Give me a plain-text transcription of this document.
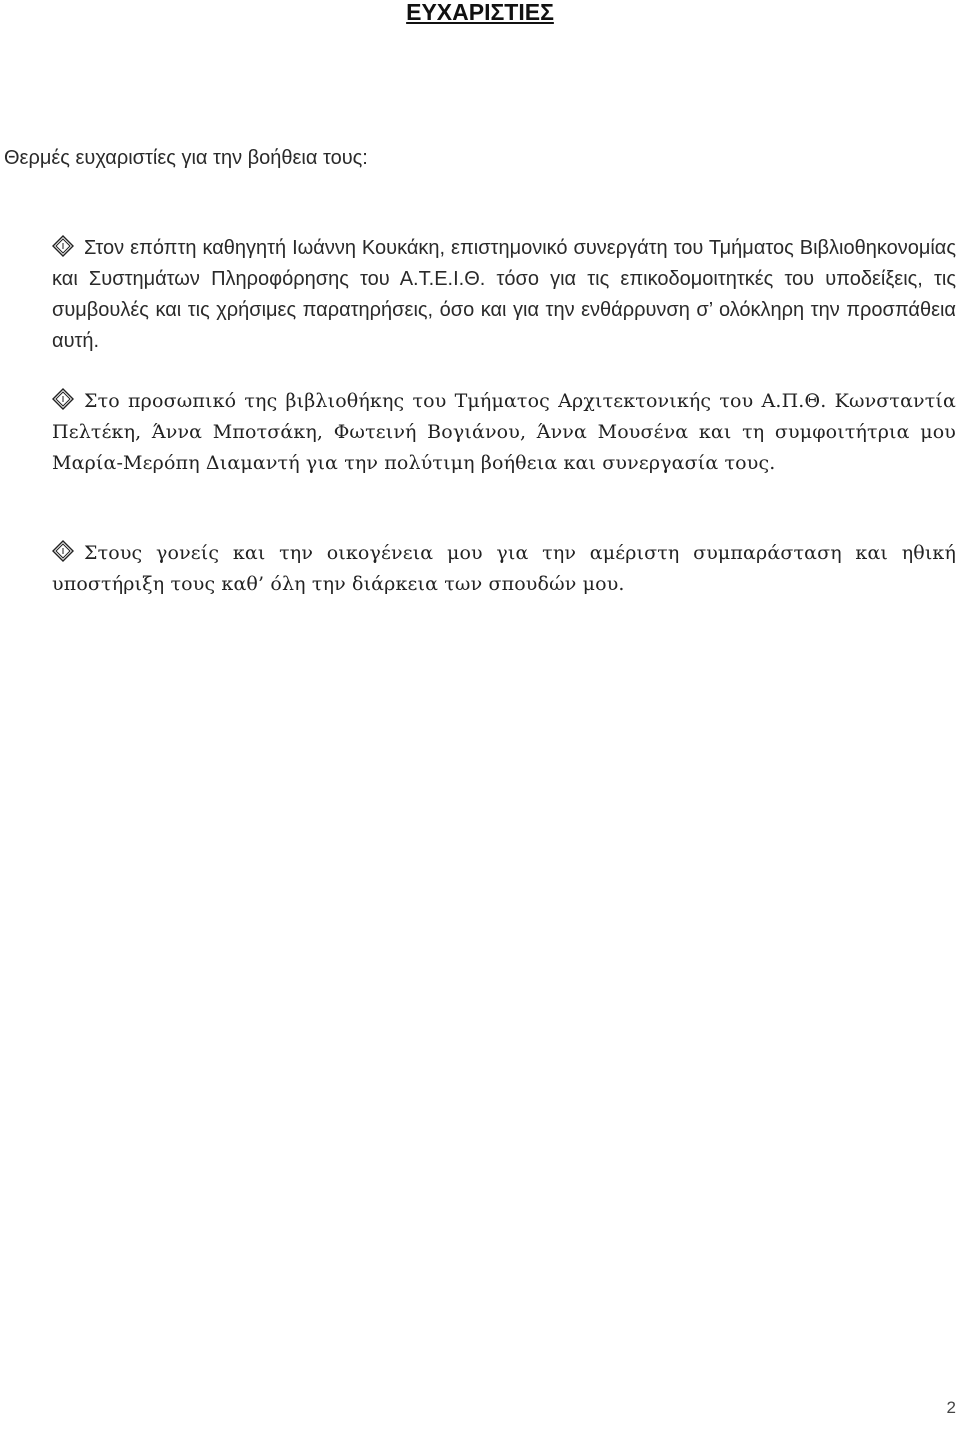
ΕΥΧΑΡΙΣΤΙΕΣ

Θερμές ευχαριστίες για την βοήθεια τους:

Στον επόπτη καθηγητή Ιωάννη Κουκάκη, επιστημονικό συνεργάτη του Τμήματος Βιβλιοθηκονομίας και Συστημάτων Πληροφόρησης του Α.Τ.Ε.Ι.Θ. τόσο για τις επικοδομοιτητκές του υποδείξεις, τις συμβουλές και τις χρήσιμες παρατηρήσεις, όσο και για την ενθάρρυνση σ’ ολόκληρη την προσπάθεια αυτή.

Στο προσωπικό της βιβλιοθήκης του Τμήματος Αρχιτεκτονικής του Α.Π.Θ. Κωνσταντία Πελτέκη, Άννα Μποτσάκη, Φωτεινή Βογιάνου, Άννα Μουσένα και τη συμφοιτήτρια μου Μαρία-Μερόπη Διαμαντή για την πολύτιμη βοήθεια και συνεργασία τους.

Στους γονείς και την οικογένεια μου για την αμέριστη συμπαράσταση και ηθική υποστήριξη τους καθ’ όλη την διάρκεια των σπουδών μου.

2
